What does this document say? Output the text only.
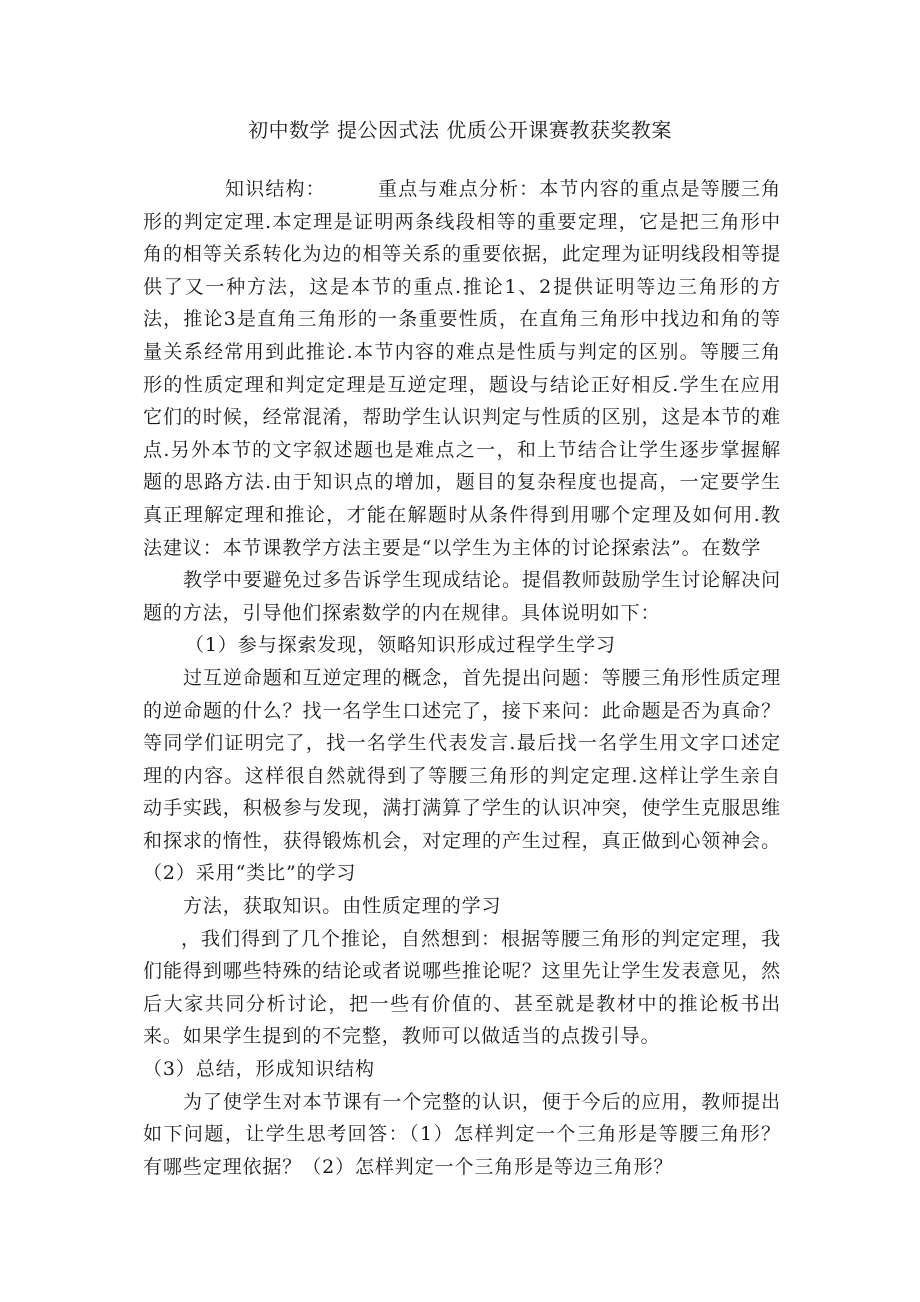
初中数学 提公因式法 优质公开课赛教获奖教案

知识结构：	重点与难点分析：本节内容的重点是等腰三角形的判定定理.本定理是证明两条线段相等的重要定理，它是把三角形中角的相等关系转化为边的相等关系的重要依据，此定理为证明线段相等提供了又一种方法，这是本节的重点.推论1、2提供证明等边三角形的方法，推论3是直角三角形的一条重要性质，在直角三角形中找边和角的等量关系经常用到此推论.本节内容的难点是性质与判定的区别。等腰三角形的性质定理和判定定理是互逆定理，题设与结论正好相反.学生在应用它们的时候，经常混淆，帮助学生认识判定与性质的区别，这是本节的难点.另外本节的文字叙述题也是难点之一，和上节结合让学生逐步掌握解题的思路方法.由于知识点的增加，题目的复杂程度也提高，一定要学生真正理解定理和推论，才能在解题时从条件得到用哪个定理及如何用.教法建议：本节课教学方法主要是“以学生为主体的讨论探索法”。在数学

教学中要避免过多告诉学生现成结论。提倡教师鼓励学生讨论解决问题的方法，引导他们探索数学的内在规律。具体说明如下：

（1）参与探索发现，领略知识形成过程学生学习

过互逆命题和互逆定理的概念，首先提出问题：等腰三角形性质定理的逆命题的什么？找一名学生口述完了，接下来问：此命题是否为真命？等同学们证明完了，找一名学生代表发言.最后找一名学生用文字口述定理的内容。这样很自然就得到了等腰三角形的判定定理.这样让学生亲自动手实践，积极参与发现，满打满算了学生的认识冲突，使学生克服思维和探求的惰性，获得锻炼机会，对定理的产生过程，真正做到心领神会。（2）采用“类比”的学习

方法，获取知识。由性质定理的学习

，我们得到了几个推论，自然想到：根据等腰三角形的判定定理，我们能得到哪些特殊的结论或者说哪些推论呢？这里先让学生发表意见，然后大家共同分析讨论，把一些有价值的、甚至就是教材中的推论板书出来。如果学生提到的不完整，教师可以做适当的点拨引导。

（3）总结，形成知识结构

为了使学生对本节课有一个完整的认识，便于今后的应用，教师提出如下问题，让学生思考回答：（1）怎样判定一个三角形是等腰三角形？有哪些定理依据？（2）怎样判定一个三角形是等边三角形？
